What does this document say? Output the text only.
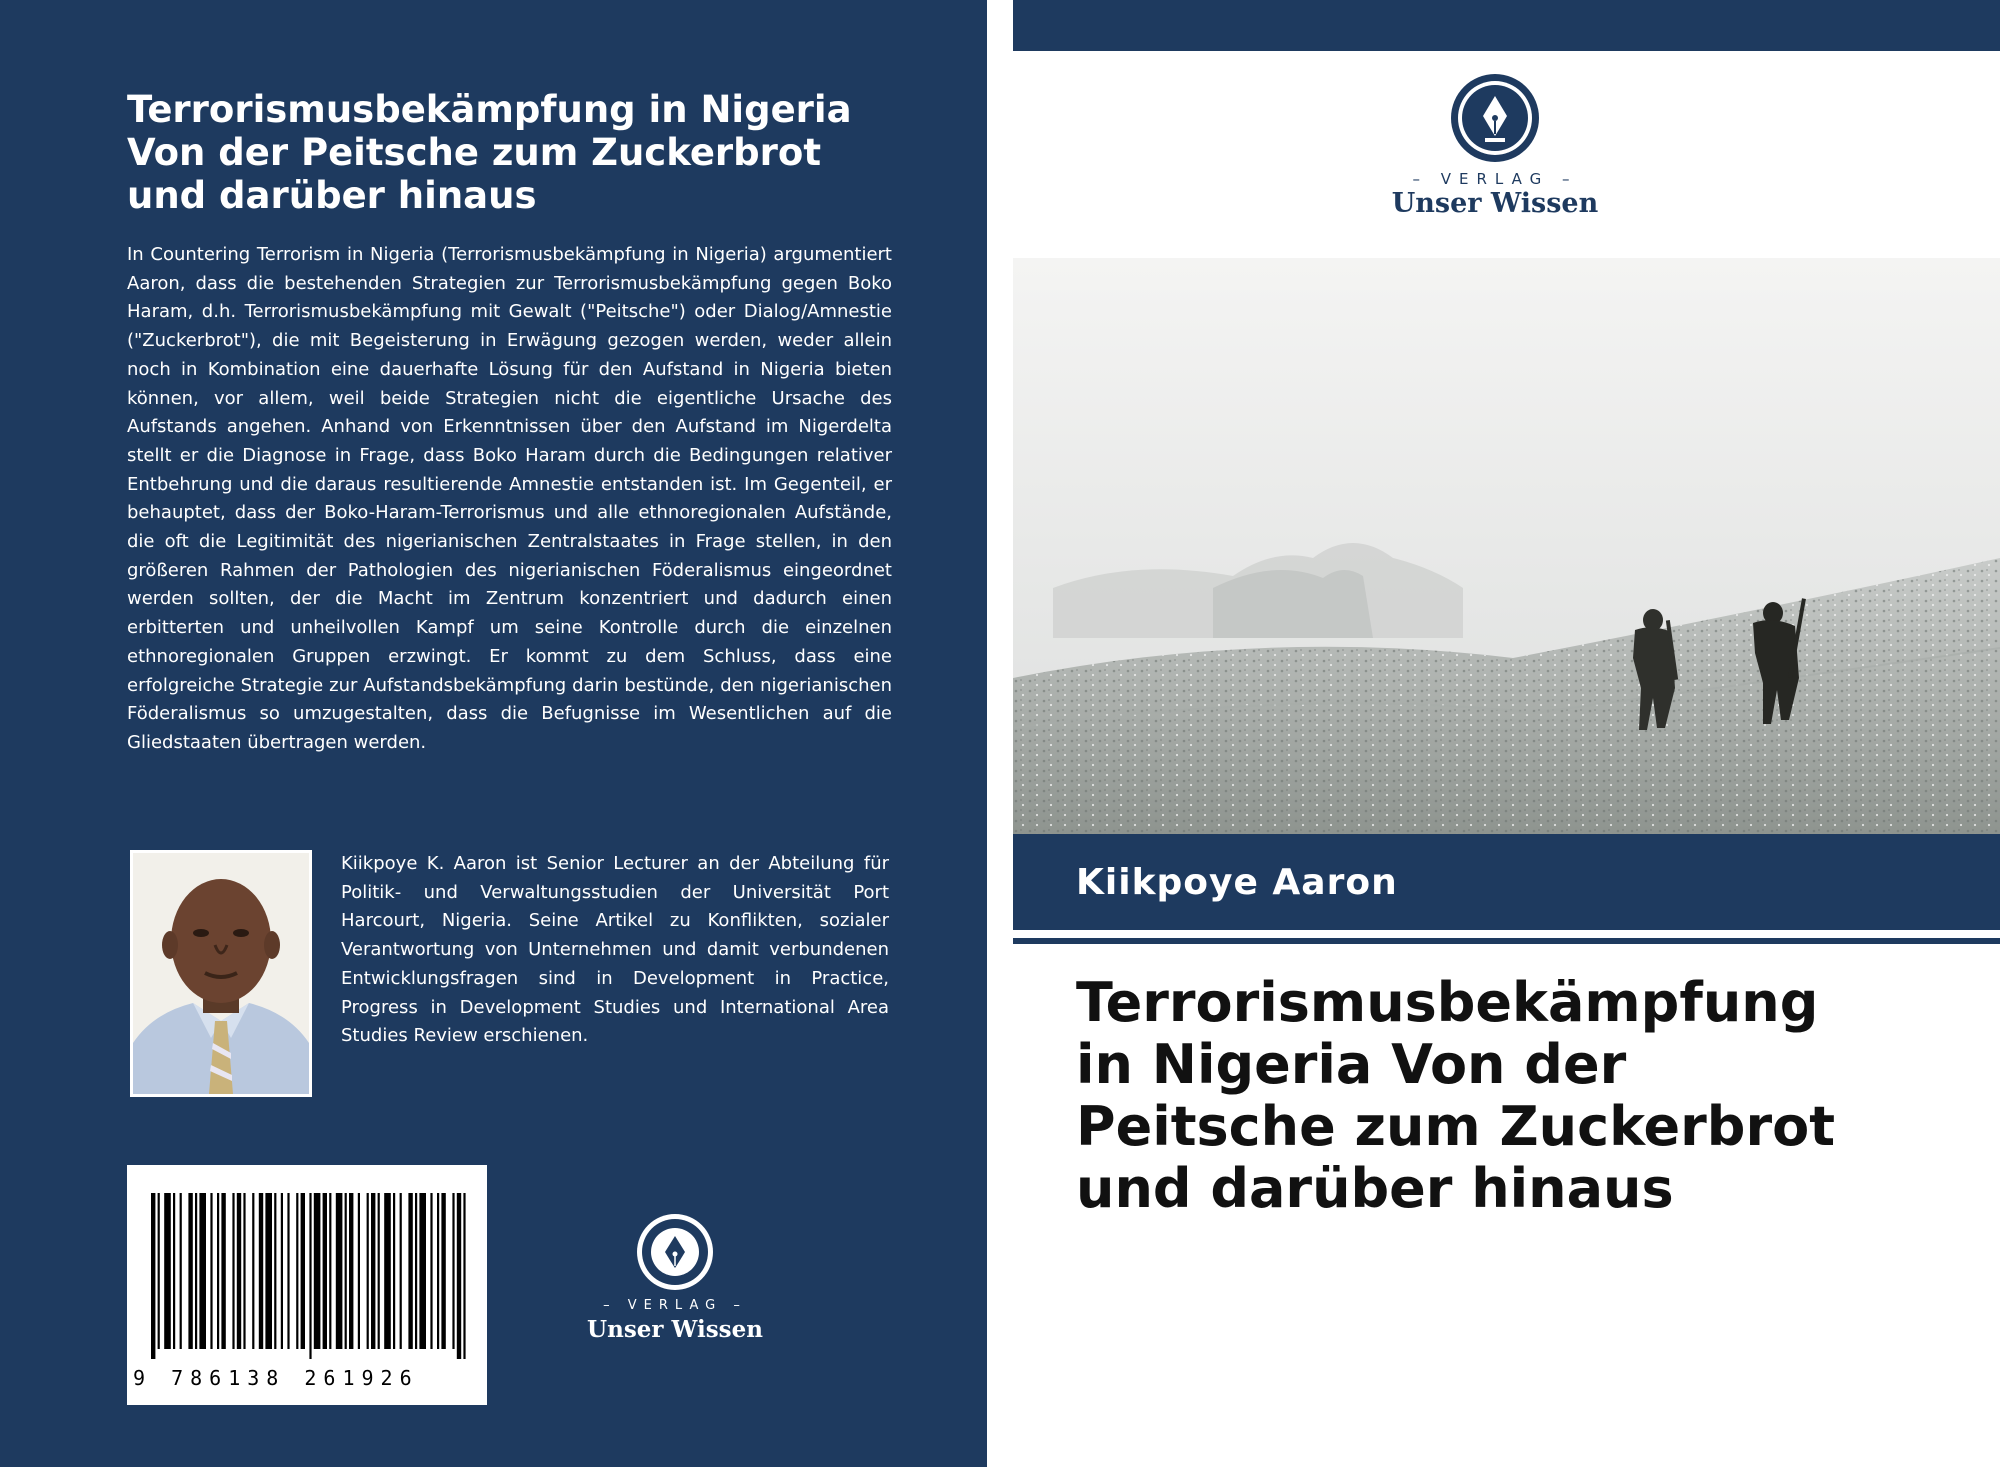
Terrorismusbekämpfung in Nigeria
Von der Peitsche zum Zuckerbrot
und darüber hinaus

In Countering Terrorism in Nigeria (Terrorismusbekämpfung in Nigeria) argumentiert Aaron, dass die bestehenden Strategien zur Terrorismusbekämpfung gegen Boko Haram, d.h. Terrorismusbekämpfung mit Gewalt ("Peitsche") oder Dialog/Amnestie ("Zuckerbrot"), die mit Begeisterung in Erwägung gezogen werden, weder allein noch in Kombination eine dauerhafte Lösung für den Aufstand in Nigeria bieten können, vor allem, weil beide Strategien nicht die eigentliche Ursache des Aufstands angehen. Anhand von Erkenntnissen über den Aufstand im Nigerdelta stellt er die Diagnose in Frage, dass Boko Haram durch die Bedingungen relativer Entbehrung und die daraus resultierende Amnestie entstanden ist. Im Gegenteil, er behauptet, dass der Boko-Haram-Terrorismus und alle ethnoregionalen Aufstände, die oft die Legitimität des nigerianischen Zentralstaates in Frage stellen, in den größeren Rahmen der Pathologien des nigerianischen Föderalismus eingeordnet werden sollten, der die Macht im Zentrum konzentriert und dadurch einen erbitterten und unheilvollen Kampf um seine Kontrolle durch die einzelnen ethnoregionalen Gruppen erzwingt. Er kommt zu dem Schluss, dass eine erfolgreiche Strategie zur Aufstandsbekämpfung darin bestünde, den nigerianischen Föderalismus so umzugestalten, dass die Befugnisse im Wesentlichen auf die Gliedstaaten übertragen werden.

Kiikpoye K. Aaron ist Senior Lecturer an der Abteilung für Politik- und Verwaltungsstudien der Universität Port Harcourt, Nigeria. Seine Artikel zu Konflikten, sozialer Verantwortung von Unternehmen und damit verbundenen Entwicklungsfragen sind in Development in Practice, Progress in Development Studies und International Area Studies Review erschienen.

9 786138 261926
– VERLAG –
Unser Wissen
– VERLAG –
Unser Wissen
Kiikpoye Aaron
Terrorismusbekämpfung
in Nigeria Von der
Peitsche zum Zuckerbrot
und darüber hinaus
